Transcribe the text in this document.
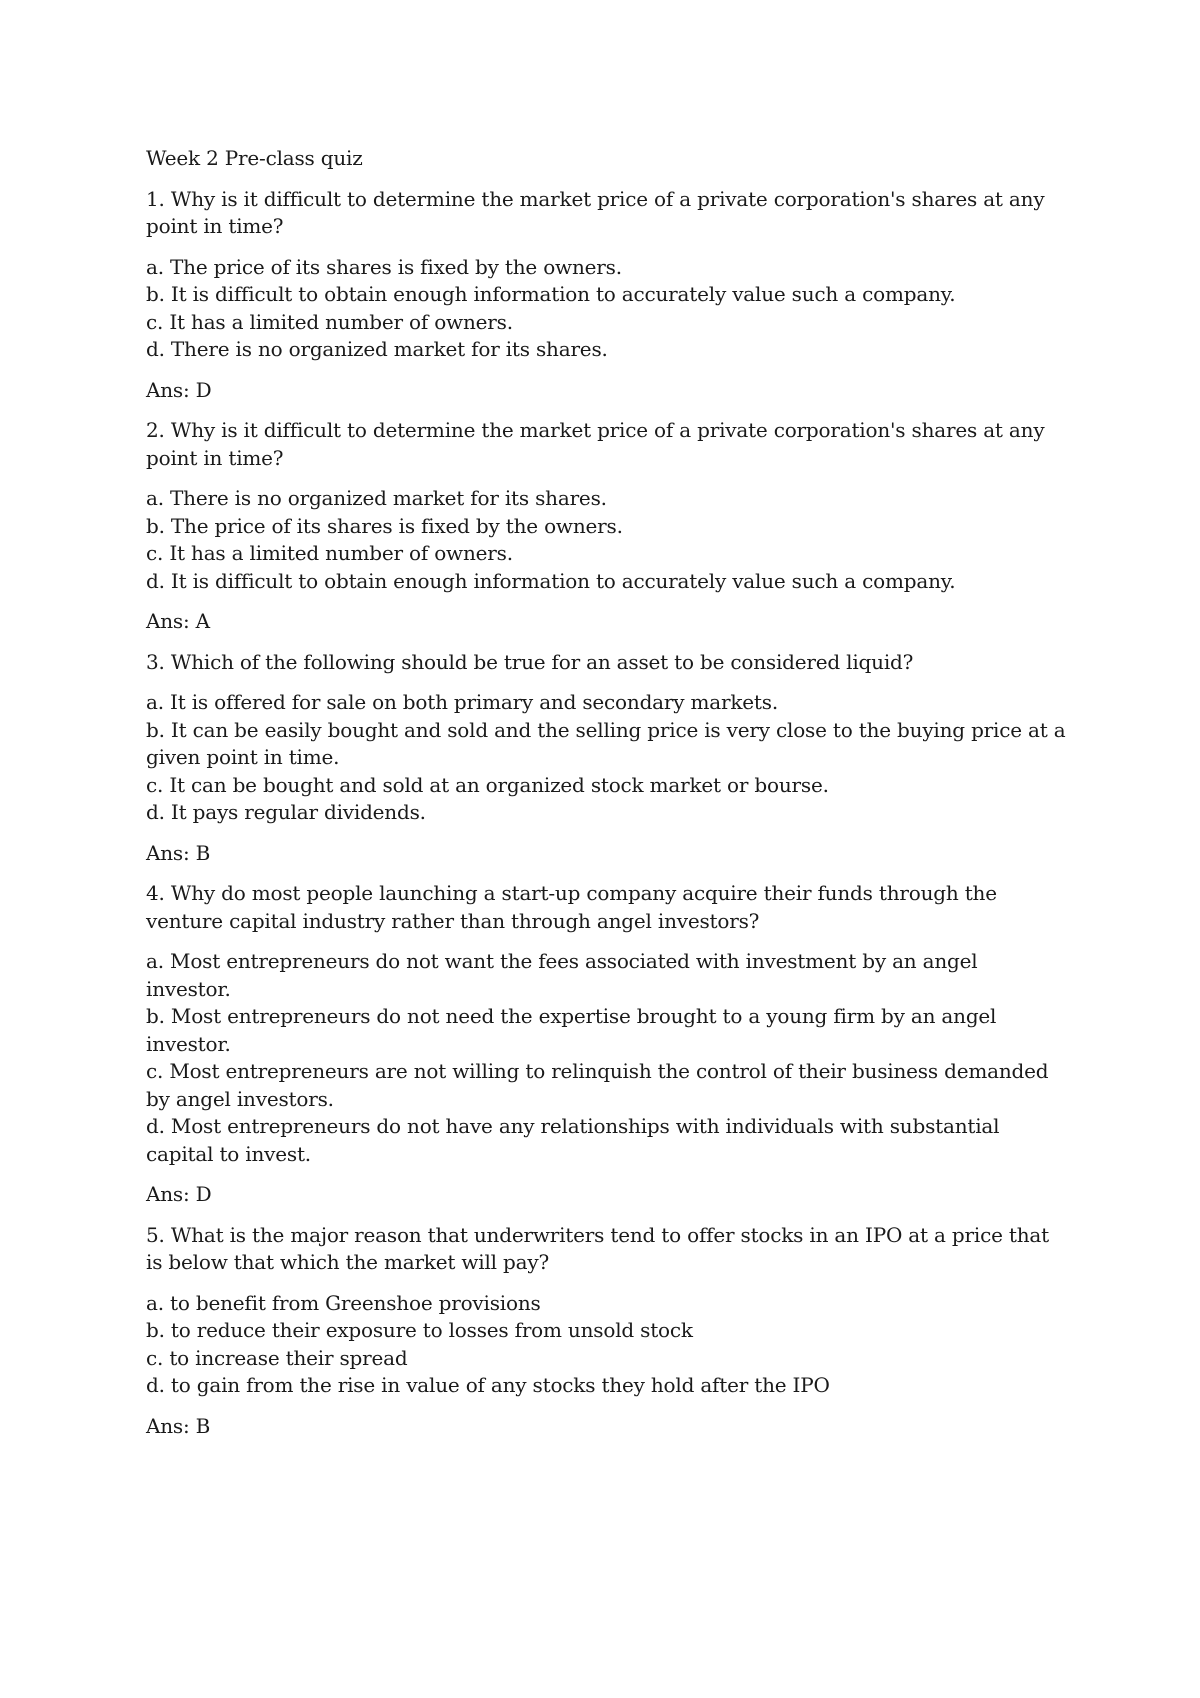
Week 2 Pre-class quiz
1. Why is it difficult to determine the market price of a private corporation's shares at any point in time?
a. The price of its shares is fixed by the owners.
b. It is difficult to obtain enough information to accurately value such a company.
c. It has a limited number of owners.
d. There is no organized market for its shares.
Ans: D
2. Why is it difficult to determine the market price of a private corporation's shares at any point in time?
a. There is no organized market for its shares.
b. The price of its shares is fixed by the owners.
c. It has a limited number of owners.
d. It is difficult to obtain enough information to accurately value such a company.
Ans: A
3. Which of the following should be true for an asset to be considered liquid?
a. It is offered for sale on both primary and secondary markets.
b. It can be easily bought and sold and the selling price is very close to the buying price at a given point in time.
c. It can be bought and sold at an organized stock market or bourse.
d. It pays regular dividends.
Ans: B
4. Why do most people launching a start-up company acquire their funds through the venture capital industry rather than through angel investors?
a. Most entrepreneurs do not want the fees associated with investment by an angel investor.
b. Most entrepreneurs do not need the expertise brought to a young firm by an angel investor.
c. Most entrepreneurs are not willing to relinquish the control of their business demanded by angel investors.
d. Most entrepreneurs do not have any relationships with individuals with substantial capital to invest.
Ans: D
5. What is the major reason that underwriters tend to offer stocks in an IPO at a price that is below that which the market will pay?
a. to benefit from Greenshoe provisions
b. to reduce their exposure to losses from unsold stock
c. to increase their spread
d. to gain from the rise in value of any stocks they hold after the IPO
Ans: B
